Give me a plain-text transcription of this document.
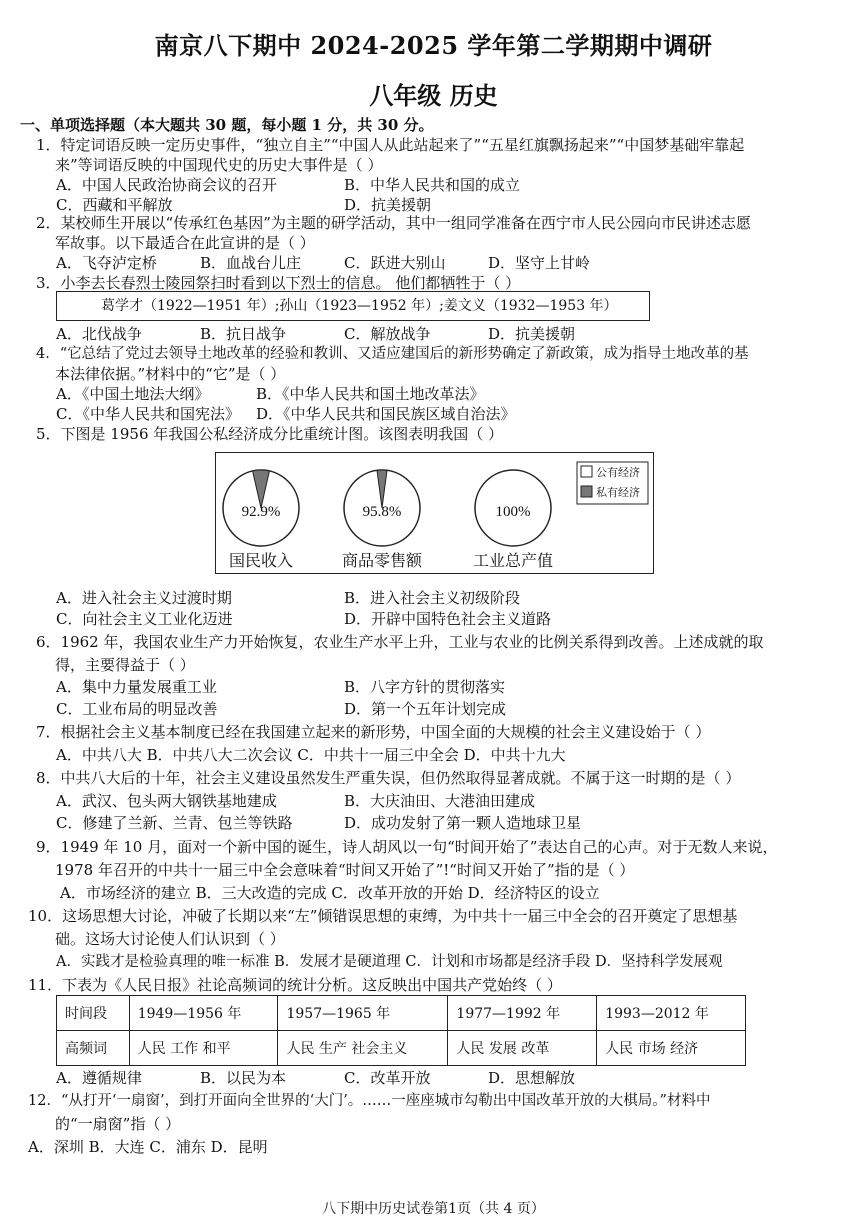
南京八下期中 2024-2025 学年第二学期期中调研
八年级 历史
一、单项选择题（本大题共 30 题，每小题 1 分，共 30 分。
1．特定词语反映一定历史事件，“独立自主”“中国人从此站起来了”“五星红旗飘扬起来”“中国梦基础牢靠起
来”等词语反映的中国现代史的历史大事件是（ ）
A．中国人民政治协商会议的召开	B．中华人民共和国的成立
C．西藏和平解放	D．抗美援朝
2．某校师生开展以“传承红色基因”为主题的研学活动，其中一组同学准备在西宁市人民公园向市民讲述志愿
军故事。以下最适合在此宣讲的是（ ）
A．飞夺泸定桥	B．血战台儿庄	C．跃进大别山	D．坚守上甘岭
3．小李去长春烈士陵园祭扫时看到以下烈士的信息。 他们都牺牲于（ ）
葛学才（1922—1951 年）;孙山（1923—1952 年）;姜文义（1932—1953 年）
A．北伐战争	B．抗日战争	C．解放战争	D．抗美援朝
4．“它总结了党过去领导土地改革的经验和教训、又适应建国后的新形势确定了新政策，成为指导土地改革的基
本法律依据。”材料中的“它”是（ ）
A．《中国土地法大纲》	B．《中华人民共和国土地改革法》
C．《中华人民共和国宪法》 D．《中华人民共和国民族区域自治法》
5．下图是 1956 年我国公私经济成分比重统计图。该图表明我国（ ）
92.9%
国民收入
95.8%
商品零售额
100%
工业总产值
公有经济
私有经济
A．进入社会主义过渡时期	B．进入社会主义初级阶段
C．向社会主义工业化迈进	D．开辟中国特色社会主义道路
6．1962 年，我国农业生产力开始恢复，农业生产水平上升，工业与农业的比例关系得到改善。上述成就的取
得，主要得益于（ ）
A．集中力量发展重工业	B．八字方针的贯彻落实
C．工业布局的明显改善	D．第一个五年计划完成
7．根据社会主义基本制度已经在我国建立起来的新形势，中国全面的大规模的社会主义建设始于（ ）
A．中共八大 B．中共八大二次会议 C．中共十一届三中全会 D．中共十九大
8．中共八大后的十年，社会主义建设虽然发生严重失误，但仍然取得显著成就。不属于这一时期的是（ ）
A．武汉、包头两大钢铁基地建成	B．大庆油田、大港油田建成
C．修建了兰新、兰青、包兰等铁路	D．成功发射了第一颗人造地球卫星
9．1949 年 10 月，面对一个新中国的诞生，诗人胡风以一句“时间开始了”表达自己的心声。对于无数人来说，
1978 年召开的中共十一届三中全会意味着“时间又开始了”!“时间又开始了”指的是（ ）
A．市场经济的建立 B．三大改造的完成 C．改革开放的开始 D．经济特区的设立
10．这场思想大讨论，冲破了长期以来“左”倾错误思想的束缚，为中共十一届三中全会的召开奠定了思想基
础。这场大讨论使人们认识到（ ）
A．实践才是检验真理的唯一标准 B．发展才是硬道理 C．计划和市场都是经济手段 D．坚持科学发展观
11．下表为《人民日报》社论高频词的统计分析。这反映出中国共产党始终（ ）
时间段	1949—1956 年	1957—1965 年	1977—1992 年	1993—2012 年
高频词	人民 工作 和平	人民 生产 社会主义	人民 发展 改革	人民 市场 经济
A．遵循规律	B．以民为本	C．改革开放	D．思想解放
12．“从打开‘一扇窗’，到打开面向全世界的‘大门’。……一座座城市勾勒出中国改革开放的大棋局。”材料中
的“一扇窗”指（ ）
A．深圳 B．大连 C．浦东 D．昆明
八下期中历史试卷第1页（共 4 页）
